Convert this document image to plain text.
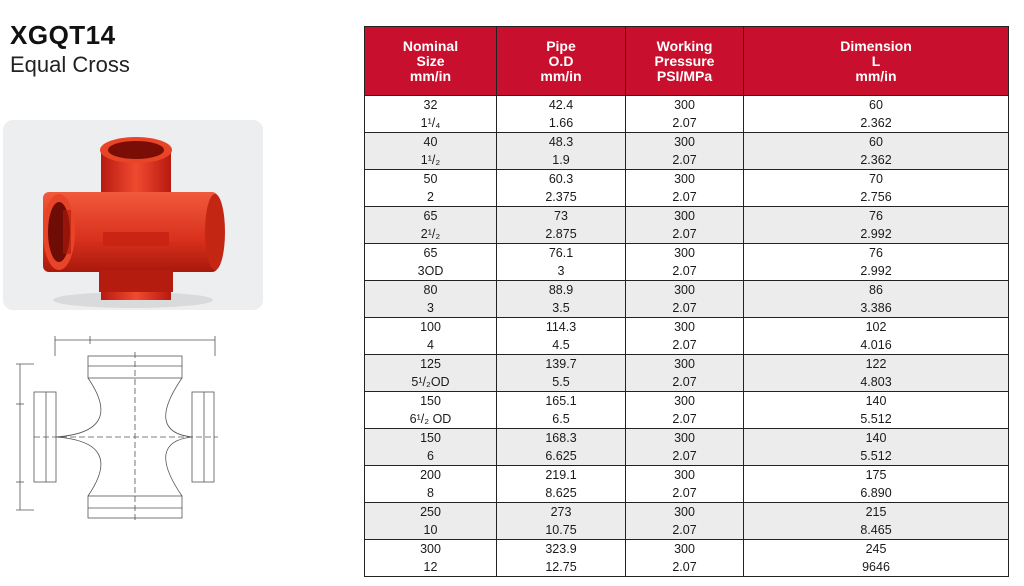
XGQT14
Equal Cross
Nominal
Size
mm/in	Pipe
O.D
mm/in	Working
Pressure
PSI/MPa	Dimension
L
mm/in
32	42.4	300	60
1¹/₄	1.66	2.07	2.362
40	48.3	300	60
1¹/₂	1.9	2.07	2.362
50	60.3	300	70
2	2.375	2.07	2.756
65	73	300	76
2¹/₂	2.875	2.07	2.992
65	76.1	300	76
3OD	3	2.07	2.992
80	88.9	300	86
3	3.5	2.07	3.386
100	114.3	300	102
4	4.5	2.07	4.016
125	139.7	300	122
5¹/₂OD	5.5	2.07	4.803
150	165.1	300	140
6¹/₂ OD	6.5	2.07	5.512
150	168.3	300	140
6	6.625	2.07	5.512
200	219.1	300	175
8	8.625	2.07	6.890
250	273	300	215
10	10.75	2.07	8.465
300	323.9	300	245
12	12.75	2.07	9646
